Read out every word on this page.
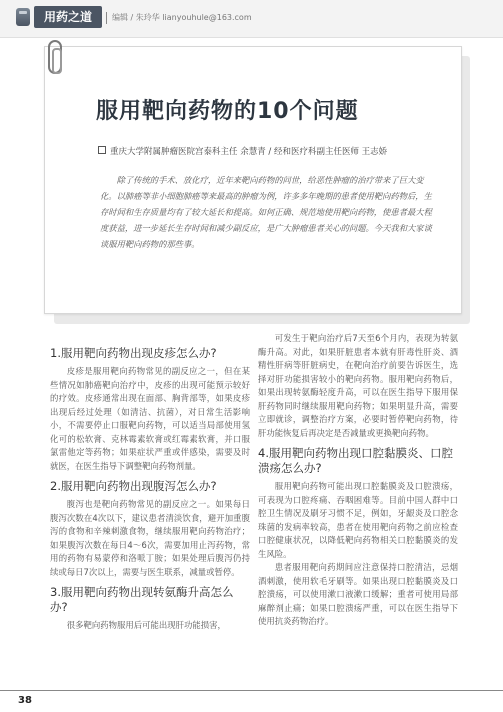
用药之道	编辑 / 朱玲华 lianyouhule@163.com
服用靶向药物的10个问题
重庆大学附属肿瘤医院宫泰科主任 余慧青 / 经和医疗科副主任医师 王志娇

除了传统的手术、放化疗，近年来靶向药物的问世，给恶性肿瘤的治疗带来了巨大变化。以肺癌等非小细胞肺癌等来最高的肿瘤为例，许多多年晚期的患者使用靶向药物后，生存时间和生存质量均有了较大延长和提高。如何正确、规范地使用靶向药物，使患者最大程度获益，进一步延长生存时间和减少副反应，是广大肿瘤患者关心的问题。今天我和大家谈谈服用靶向药物的那些事。

1.服用靶向药物出现皮疹怎么办?

皮疹是服用靶向药物常见的副反应之一，但在某些情况如肺癌靶向治疗中，皮疹的出现可能预示较好的疗效。皮疹通常出现在面部、胸背部等，如果皮疹出现后经过处理（如清洁、抗菌），对日常生活影响小，不需要停止口服靶向药物，可以适当局部使用氢化可的松软膏、克林霉素软膏或红霉素软膏，并口服氯雷他定等药物；如果症状严重或伴感染，需要及时就医，在医生指导下调整靶向药物剂量。

2.服用靶向药物出现腹泻怎么办?

腹泻也是靶向药物常见的副反应之一。如果每日腹泻次数在4次以下，建议患者清淡饮食，避开加重腹泻的食物和辛辣刺激食物，继续服用靶向药物治疗；如果腹泻次数在每日4～6次，需要加用止泻药物，常用的药物有易蒙停和洛哌丁胺；如果处理后腹泻仍持续或每日7次以上，需要与医生联系，减量或暂停。

3.服用靶向药物出现转氨酶升高怎么办?

很多靶向药物服用后可能出现肝功能损害，

可发生于靶向治疗后7天至6个月内，表现为转氨酶升高。对此，如果肝脏患者本就有肝毒性肝炎、酒精性肝病等肝脏病史，在靶向治疗前要告诉医生，选择对肝功能损害较小的靶向药物。服用靶向药物后，如果出现转氨酶轻度升高，可以在医生指导下服用保肝药物同时继续服用靶向药物；如果明显升高，需要立即就诊，调整治疗方案，必要时暂停靶向药物，待肝功能恢复后再决定是否减量或更换靶向药物。

4.服用靶向药物出现口腔黏膜炎、口腔溃疡怎么办?

服用靶向药物可能出现口腔黏膜炎及口腔溃疡，可表现为口腔疼痛、吞咽困难等。目前中国人群中口腔卫生情况及刷牙习惯不足，例如，牙龈炎及口腔念珠菌的发病率较高，患者在使用靶向药物之前应检查口腔健康状况，以降低靶向药物相关口腔黏膜炎的发生风险。

患者服用靶向药期间应注意保持口腔清洁，忌烟酒刺激，使用软毛牙刷等。如果出现口腔黏膜炎及口腔溃疡，可以使用漱口液漱口缓解；重者可使用局部麻醉剂止痛；如果口腔溃疡严重，可以在医生指导下使用抗炎药物治疗。

38
